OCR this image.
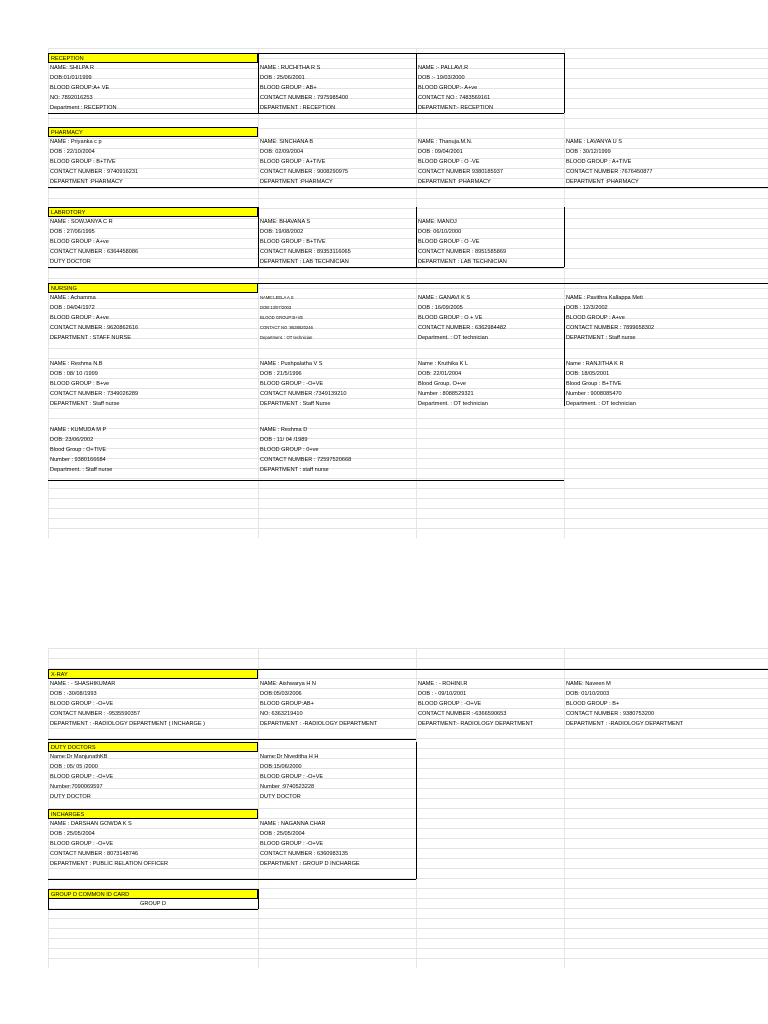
RECEPTION
NAME: SHILPA R	NAME : RUCHITHA R S	NAME :- PALLAVI.R
DOB:01/01/1999	DOB : 25/06/2001	DOB :- 19/03/2000
BLOOD GROUP:A+ VE	BLOOD GROUP : AB+	BLOOD GROUP:- A+ve
NO: 7892016253	CONTACT NUMBER : 7975985400	CONTACT NO : 7483569161
Department : RECEPTION	DEPARTMENT : RECEPTION	DEPARTMENT:- RECEPTION
PHARMACY
NAME : Priyanka c p	NAME: SINCHANA B	NAME : Thanuja.M.N.	NAME : LAVANYA U S
DOB : 22/10/2004	DOB: 02/09/2004	DOB : 09/04/2001	DOB : 30/12/1999
BLOOD GROUP : B+TIVE	BLOOD GROUP : A+TIVE	BLOOD GROUP : O -VE	BLOOD GROUP : A+TIVE
CONTACT NUMBER : 9740916231	CONTACT NUMBER : 9008290975	CONTACT NUMBER 9380185937	CONTACT NUMBER :7676450877
DEPARTMENT :PHARMACY	DEPARTMENT :PHARMACY	DEPARTMENT :PHARMACY	DEPARTMENT :PHARMACY
LABROTORY
NAME : SOWJANYA C R	NAME: BHAVANA S	NAME: MANOJ
DOB : 27/06/1995	DOB: 19/08/2002	DOB: 06/10/2000
BLOOD GROUP : A+ve	BLOOD GROUP : B+TIVE	BLOOD GROUP : O -VE
CONTACT NUMBER : 6364458086	CONTACT NUMBER : 89353116065	CONTACT NUMBER : 8951585869
DUTY DOCTOR	DEPARTMENT : LAB TECHNICIAN	DEPARTMENT : LAB TECHNICIAN
NURSING
NAME : Achamma	NAME:LEELA A S	NAME : GANAVI K S	NAME : Pavithra Kallappa Meti
DOB : 04/04/1972	DOB:13/07/2003	DOB : 16/09/2005	DOB : 12/3/2002
BLOOD GROUP : A+ve	BLOOD GROUP:B+VE	BLOOD GROUP : O + VE	BLOOD GROUP : A+ve
CONTACT NUMBER : 9620862616	CONTACT NO :9538820246	CONTACT NUMBER : 6362984482	CONTACT NUMBER : 7899658302
DEPARTMENT : STAFF NURSE	Department. : OT technician	Department. : OT technician	DEPARTMENT : Staff nurse
NAME : Reshma N.B	NAME : Pushpalatha V S	Name : Kruthika K L	Name : RANJITHA K R
DOB : 08/ 10 /1999	DOB : 21/5/1996	DOB: 22/01/2004	DOB: 18/05/2001
BLOOD GROUP : B+ve	BLOOD GROUP : -O+VE	Blood Group. O+ve	Blood Group : B+TIVE
CONTACT NUMBER : 7349026289	CONTACT NUMBER :7349139210	Number : 8088529321	Number : 9008085470
DEPARTMENT : Staff nurse	DEPARTMENT : Staff Nurse	Department. : OT technician	Department. : OT technician
NAME : KUMUDA M P	NAME : Reshma D
DOB: 23/06/2002	DOB : 11/ 04 /1989
Blood Group : O+TIVE	BLOOD GROUP : 0+ve
Number : 9380166684	CONTACT NUMBER : 72597520668
Department. : Staff nurse	DEPARTMENT : staff nurse
X-RAY
NAME : - SHASHIKUMAR	NAME: Aishwarya H N	NAME : - ROHINI.R	NAME: Naveen M
DOB : -30/08/1993	DOB:05/03/2006	DOB : - 09/10/2001	DOB: 01/10/2003
BLOOD GROUP : -O+VE	BLOOD GROUP:AB+	BLOOD GROUP : -O+VE	BLOOD GROUP : B+
CONTACT NUMBER : -9535590357	NO: 6363219410	CONTACT NUMBER :-6366590653	CONTACT NUMBER : 9380753200
DEPARTMENT : -RADIOLOGY DEPARTMENT ( INCHARGE )	DEPARTMENT : -RADIOLOGY DEPARTMENT	DEPARTMENT:- RADIOLOGY DEPARTMENT	DEPARTMENT : -RADIOLOGY DEPARTMENT
DUTY DOCTORS
Name:Dr ManjunathKB	Name:Dr Niveditha H H
DOB : 05/ 05 /2000	DOB:15/06/2000
BLOOD GROUP : -O+VE	BLOOD GROUP : -O+VE
Number:7090069597	Number :9740523228
DUTY DOCTOR	DUTY DOCTOR
INCHARGES
NAME : DARSHAN GOWDA K S	NAME : NAGANNA CHAR
DOB : 25/05/2004	DOB : 25/05/2004
BLOOD GROUP : -O+VE	BLOOD GROUP : -O+VE
CONTACT NUMBER : 8073148746	CONTACT NUMBER : 6360983135
DEPARTMENT : PUBLIC RELATION OFFICER	DEPARTMENT : GROUP D INCHARGE
GROUP D COMMON ID CARD
GROUP D
